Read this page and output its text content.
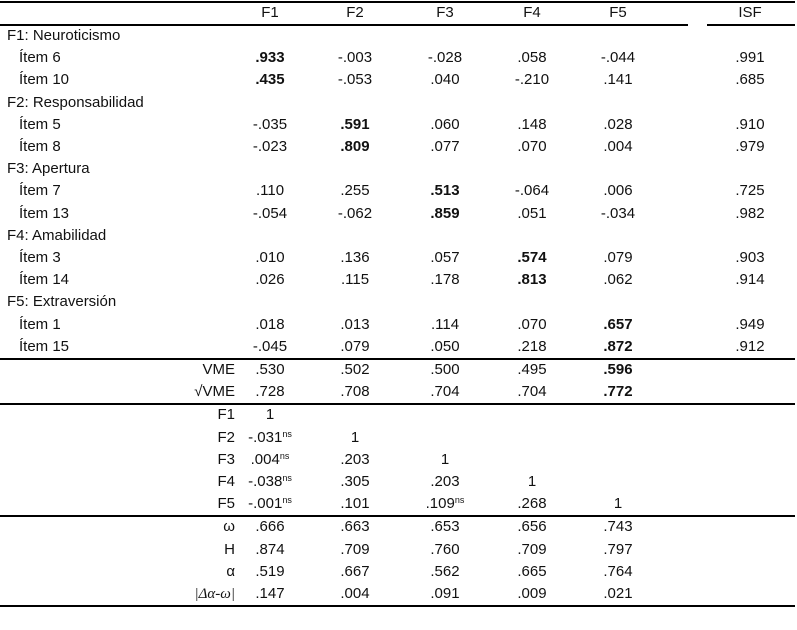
F1	F2	F3	F4	F5	ISF
F1: Neuroticismo
Ítem 6	.933	-.003	-.028	.058	-.044	.991
Ítem 10	.435	-.053	.040	-.210	.141	.685
F2: Responsabilidad
Ítem 5	-.035	.591	.060	.148	.028	.910
Ítem 8	-.023	.809	.077	.070	.004	.979
F3: Apertura
Ítem 7	.110	.255	.513	-.064	.006	.725
Ítem 13	-.054	-.062	.859	.051	-.034	.982
F4: Amabilidad
Ítem 3	.010	.136	.057	.574	.079	.903
Ítem 14	.026	.115	.178	.813	.062	.914
F5: Extraversión
Ítem 1	.018	.013	.114	.070	.657	.949
Ítem 15	-.045	.079	.050	.218	.872	.912
VME	.530	.502	.500	.495	.596
√VME	.728	.708	.704	.704	.772
F1	1
F2 $-.031^{ns}$	1
F3	$.004^{ns}$	.203	1
F4 $-.038^{ns}$	.305	.203	1
F5 $-.001^{ns}$	.101	$.109^{ns}$	.268	1
ω	.666	.663	.653	.656	.743
H	.874	.709	.760	.709	.797
α	.519	.667	.562	.665	.764
|Δα-ω|	.147	.004	.091	.009	.021
